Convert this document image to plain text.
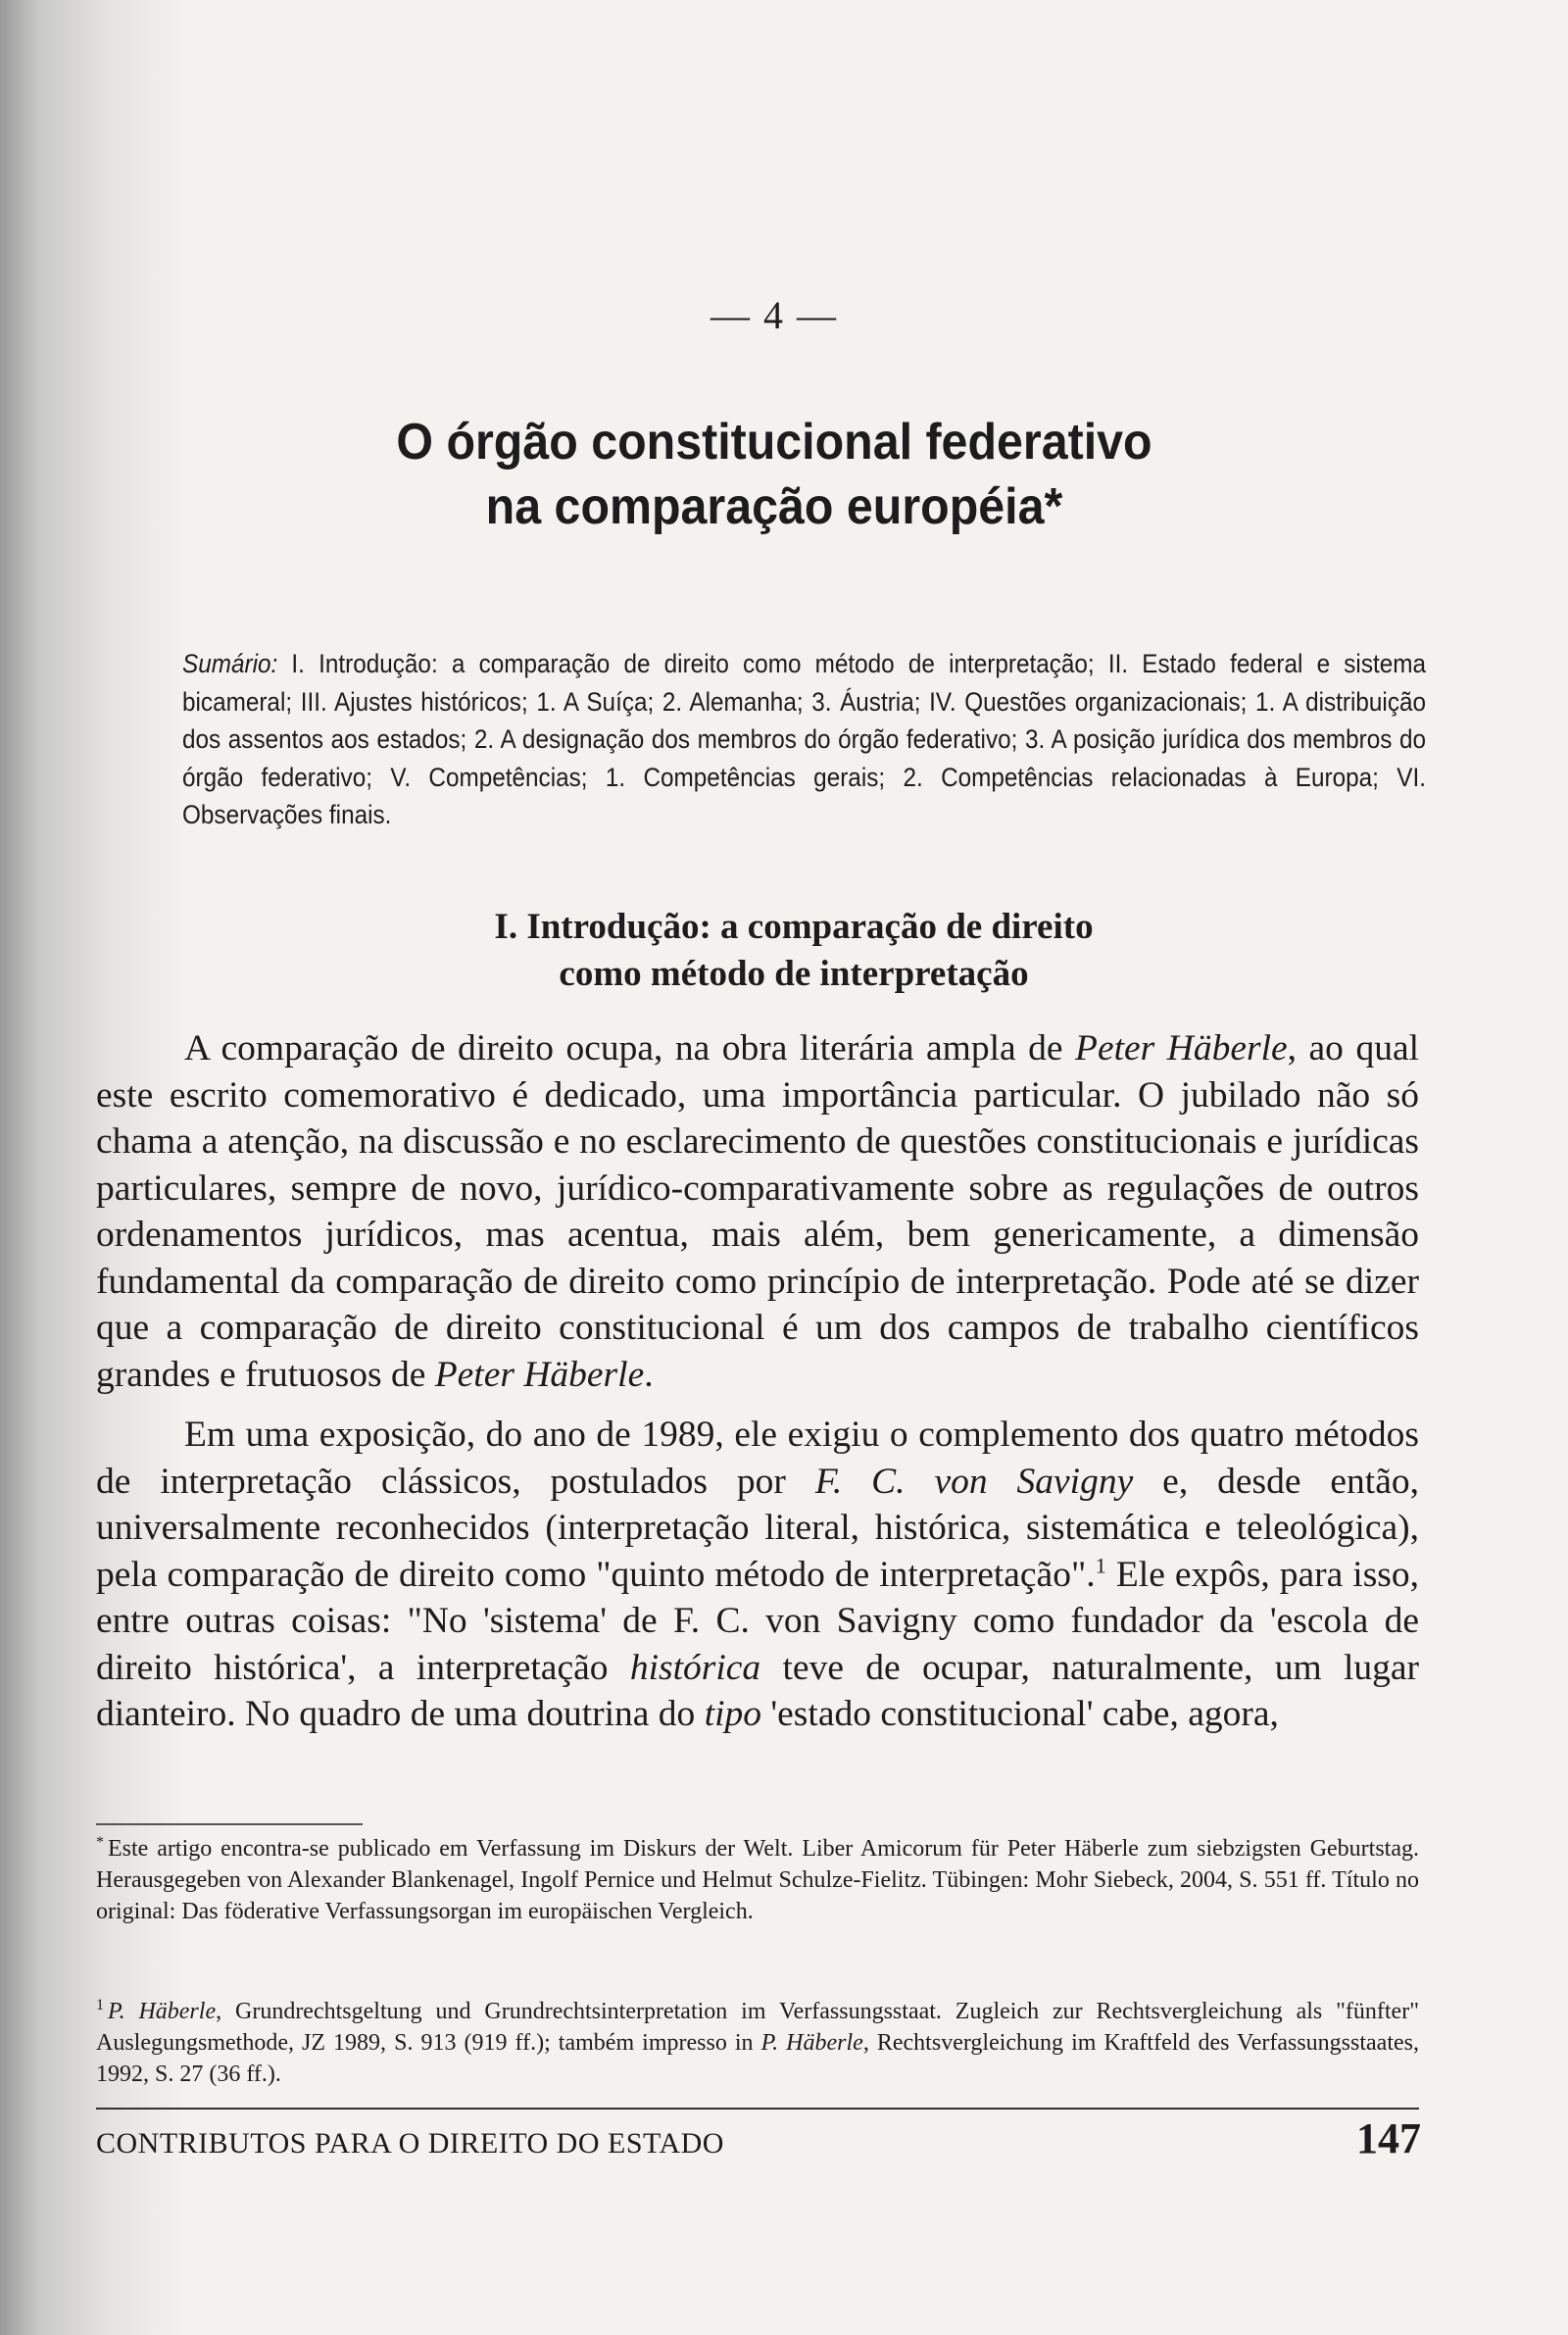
— 4 —
O órgão constitucional federativo
na comparação européia*
Sumário: I. Introdução: a comparação de direito como método de interpretação; II. Estado federal e sistema bicameral; III. Ajustes históricos; 1. A Suíça; 2. Alemanha; 3. Áustria; IV. Questões organizacionais; 1. A distribuição dos assentos aos estados; 2. A designação dos membros do órgão federativo; 3. A posição jurídica dos membros do órgão federativo; V. Competências; 1. Competências gerais; 2. Competências relacionadas à Europa; VI. Observações finais.
I. Introdução: a comparação de direito
como método de interpretação

A comparação de direito ocupa, na obra literária ampla de Peter Häberle, ao qual este escrito comemorativo é dedicado, uma importância particular. O jubilado não só chama a atenção, na discussão e no esclarecimento de questões constitucionais e jurídicas particulares, sempre de novo, jurídico-comparativamente sobre as regulações de outros ordenamentos jurídicos, mas acentua, mais além, bem genericamente, a dimensão fundamental da comparação de direito como princípio de interpretação. Pode até se dizer que a comparação de direito constitucional é um dos campos de trabalho científicos grandes e frutuosos de Peter Häberle.

Em uma exposição, do ano de 1989, ele exigiu o complemento dos quatro métodos de interpretação clássicos, postulados por F. C. von Savigny e, desde então, universalmente reconhecidos (interpretação literal, histórica, sistemática e teleológica), pela comparação de direito como "quinto método de interpretação".$^1$ Ele expôs, para isso, entre outras coisas: "No 'sistema' de F. C. von Savigny como fundador da 'escola de direito histórica', a interpretação histórica teve de ocupar, naturalmente, um lugar dianteiro. No quadro de uma doutrina do tipo 'estado constitucional' cabe, agora,

* Este artigo encontra-se publicado em Verfassung im Diskurs der Welt. Liber Amicorum für Peter Häberle zum siebzigsten Geburtstag. Herausgegeben von Alexander Blankenagel, Ingolf Pernice und Helmut Schulze-Fielitz. Tübingen: Mohr Siebeck, 2004, S. 551 ff. Título no original: Das föderative Verfassungsorgan im europäischen Vergleich.
$^1$ P. Häberle, Grundrechtsgeltung und Grundrechtsinterpretation im Verfassungsstaat. Zugleich zur Rechtsvergleichung als "fünfter" Auslegungsmethode, JZ 1989, S. 913 (919 ff.); também impresso in P. Häberle, Rechtsvergleichung im Kraftfeld des Verfassungsstaates, 1992, S. 27 (36 ff.).
CONTRIBUTOS PARA O DIREITO DO ESTADO	147
